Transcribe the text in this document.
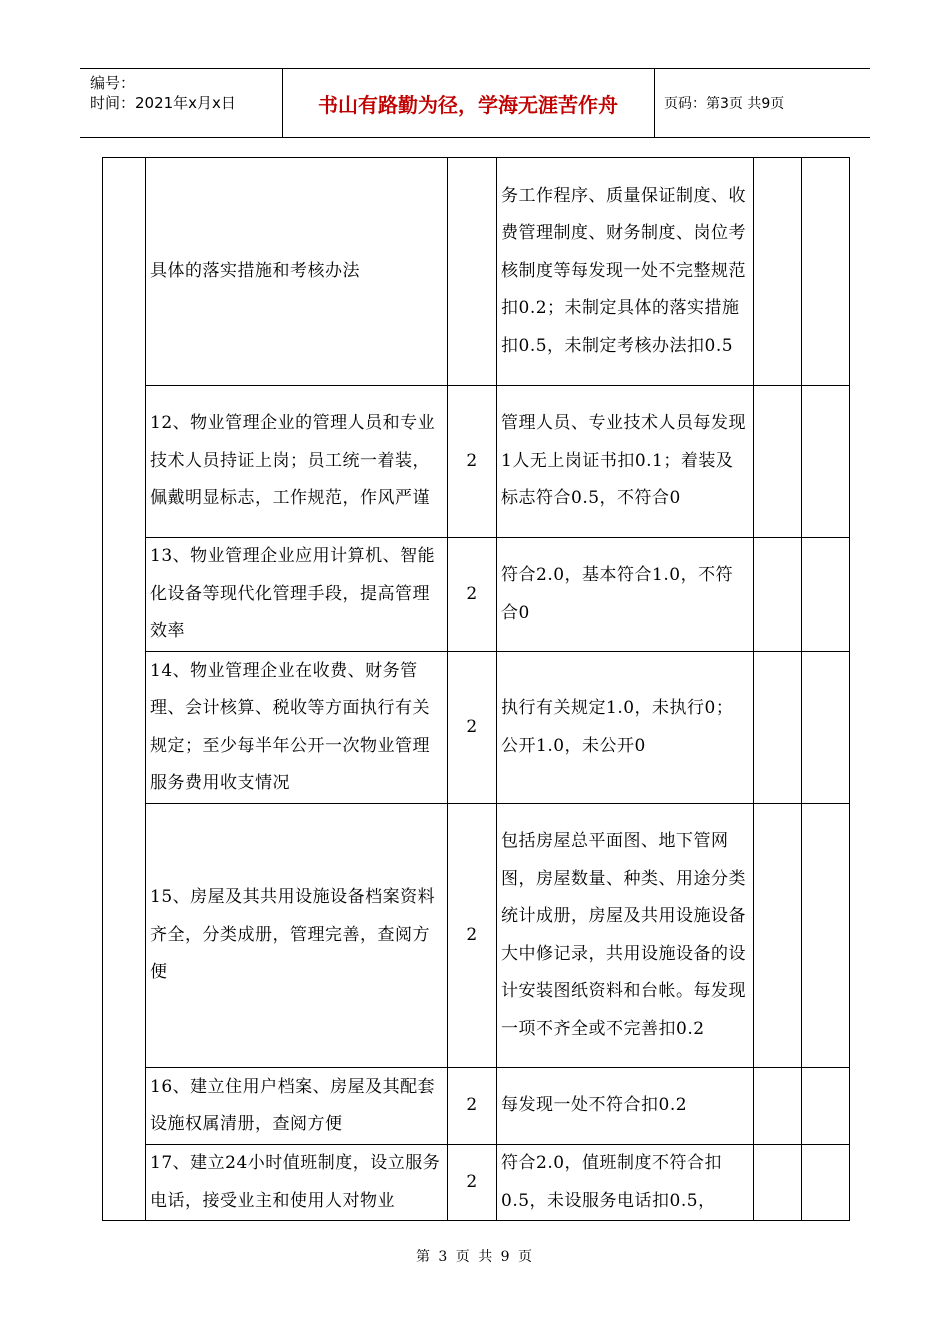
编号：
时间：2021年x月x日	书山有路勤为径，学海无涯苦作舟	页码：第3页 共9页
	具体的落实措施和考核办法		务工作程序、质量保证制度、收费管理制度、财务制度、岗位考核制度等每发现一处不完整规范扣0.2；未制定具体的落实措施扣0.5，未制定考核办法扣0.5		
	12、物业管理企业的管理人员和专业技术人员持证上岗；员工统一着装，佩戴明显标志，工作规范，作风严谨	2	管理人员、专业技术人员每发现1人无上岗证书扣0.1；着装及标志符合0.5，不符合0		
	13、物业管理企业应用计算机、智能化设备等现代化管理手段，提高管理效率	2	符合2.0，基本符合1.0，不符合0		
	14、物业管理企业在收费、财务管理、会计核算、税收等方面执行有关规定；至少每半年公开一次物业管理服务费用收支情况	2	执行有关规定1.0，未执行0；公开1.0，未公开0		
	15、房屋及其共用设施设备档案资料齐全，分类成册，管理完善，查阅方便	2	包括房屋总平面图、地下管网图，房屋数量、种类、用途分类统计成册，房屋及共用设施设备大中修记录，共用设施设备的设计安装图纸资料和台帐。每发现一项不齐全或不完善扣0.2		
	16、建立住用户档案、房屋及其配套设施权属清册，查阅方便	2	每发现一处不符合扣0.2		
	17、建立24小时值班制度，设立服务电话，接受业主和使用人对物业	2	符合2.0，值班制度不符合扣0.5，未设服务电话扣0.5，		
第 3 页 共 9 页
